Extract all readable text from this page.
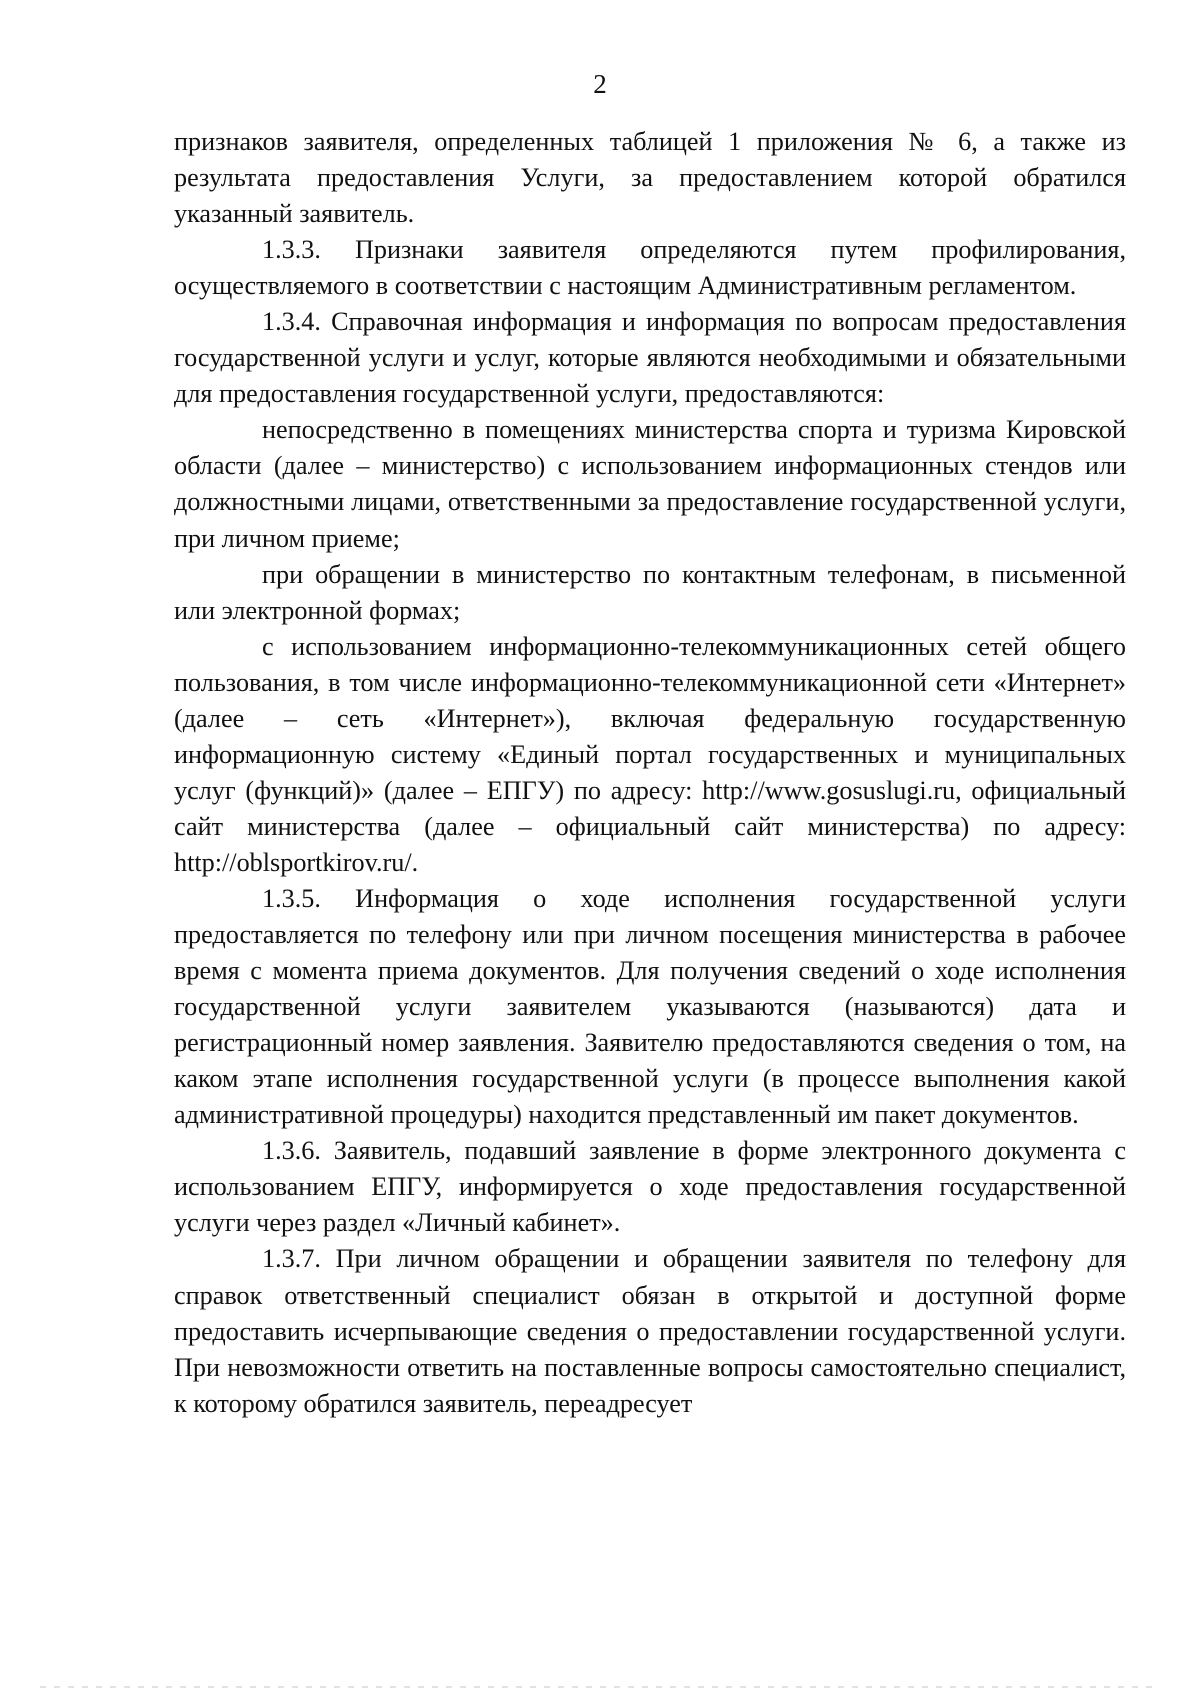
2

признаков заявителя, определенных таблицей 1 приложения № 6, а также из результата предоставления Услуги, за предоставлением которой обратился указанный заявитель.

1.3.3. Признаки заявителя определяются путем профилирования, осуществляемого в соответствии с настоящим Административным регламентом.

1.3.4. Справочная информация и информация по вопросам предоставления государственной услуги и услуг, которые являются необходимыми и обязательными для предоставления государственной услуги, предоставляются:

непосредственно в помещениях министерства спорта и туризма Кировской области (далее – министерство) с использованием информационных стендов или должностными лицами, ответственными за предоставление государственной услуги, при личном приеме;

при обращении в министерство по контактным телефонам, в письменной или электронной формах;

с использованием информационно-телекоммуникационных сетей общего пользования, в том числе информационно-телекоммуникационной сети «Интернет» (далее – сеть «Интернет»), включая федеральную государственную информационную систему «Единый портал государственных и муниципальных услуг (функций)» (далее – ЕПГУ) по адресу: http://www.gosuslugi.ru, официальный сайт министерства (далее – официальный сайт министерства) по адресу: http://oblsportkirov.ru/.

1.3.5. Информация о ходе исполнения государственной услуги предоставляется по телефону или при личном посещения министерства в рабочее время с момента приема документов. Для получения сведений о ходе исполнения государственной услуги заявителем указываются (называются) дата и регистрационный номер заявления. Заявителю предоставляются сведения о том, на каком этапе исполнения государственной услуги (в процессе выполнения какой административной процедуры) находится представленный им пакет документов.

1.3.6. Заявитель, подавший заявление в форме электронного документа с использованием ЕПГУ, информируется о ходе предоставления государственной услуги через раздел «Личный кабинет».

1.3.7. При личном обращении и обращении заявителя по телефону для справок ответственный специалист обязан в открытой и доступной форме предоставить исчерпывающие сведения о предоставлении государственной услуги. При невозможности ответить на поставленные вопросы самостоятельно специалист, к которому обратился заявитель, переадресует
